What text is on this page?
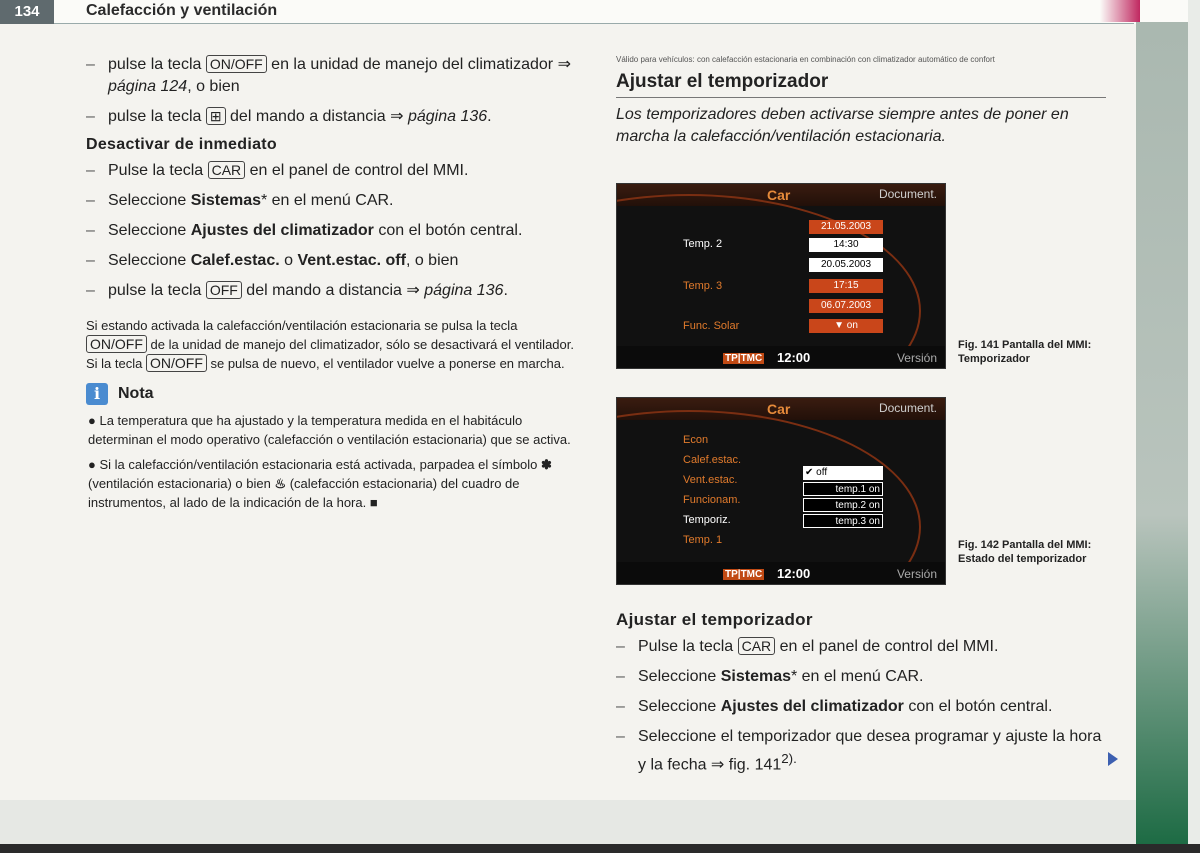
134	Calefacción y ventilación
– pulse la tecla ON/OFF en la unidad de manejo del climatizador ⇒ página 124, o bien
– pulse la tecla ⊞ del mando a distancia ⇒ página 136.
Desactivar de inmediato
– Pulse la tecla CAR en el panel de control del MMI.
– Seleccione Sistemas* en el menú CAR.
– Seleccione Ajustes del climatizador con el botón central.
– Seleccione Calef.estac. o Vent.estac. off, o bien
– pulse la tecla OFF del mando a distancia ⇒ página 136.

Si estando activada la calefacción/ventilación estacionaria se pulsa la tecla ON/OFF de la unidad de manejo del climatizador, sólo se desactivará el ventilador. Si la tecla ON/OFF se pulsa de nuevo, el ventilador vuelve a ponerse en marcha.

i	Nota

● La temperatura que ha ajustado y la temperatura medida en el habitáculo determinan el modo operativo (calefacción o ventilación estacionaria) que se activa.

● Si la calefacción/ventilación estacionaria está activada, parpadea el símbolo ✽ (ventilación estacionaria) o bien ♨ (calefacción estacionaria) del cuadro de instrumentos, al lado de la indicación de la hora. ■

Válido para vehículos: con calefacción estacionaria en combinación con climatizador automático de confort
Ajustar el temporizador
Los temporizadores deben activarse siempre antes de poner en marcha la calefacción/ventilación estacionaria.
Car	Document.
Temp. 2
Temp. 3
Func. Solar
21.05.2003
14:30
20.05.2003
17:15
06.07.2003
▼ on
TP|TMC 12:00	Versión
Fig. 141 Pantalla del MMI: Temporizador
Car	Document.
Econ
Calef.estac.
Vent.estac.
Funcionam.
Temporiz.
Temp. 1
✔ off
temp.1 on
temp.2 on
temp.3 on
TP|TMC 12:00	Versión
Fig. 142 Pantalla del MMI: Estado del temporizador
Ajustar el temporizador
– Pulse la tecla CAR en el panel de control del MMI.
– Seleccione Sistemas* en el menú CAR.
– Seleccione Ajustes del climatizador con el botón central.
– Seleccione el temporizador que desea programar y ajuste la hora y la fecha ⇒ fig. $141^{2).}$
